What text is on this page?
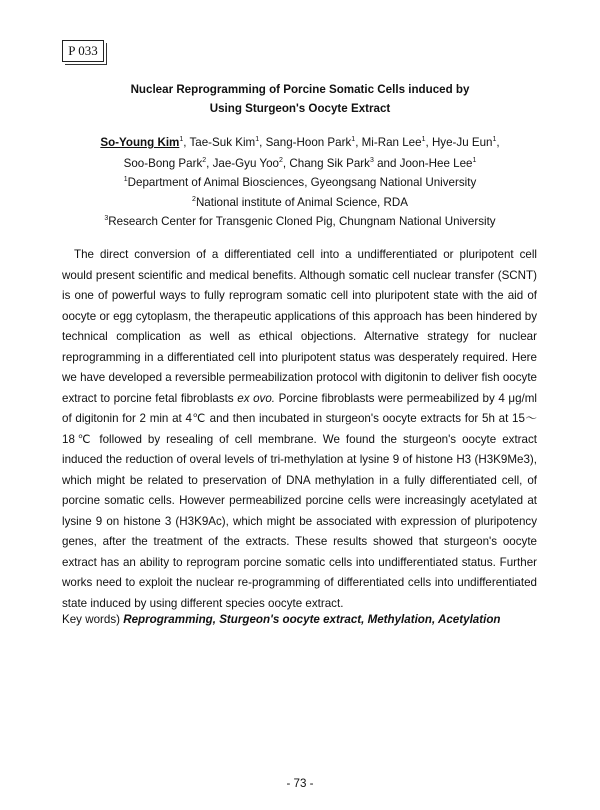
P 033
Nuclear Reprogramming of Porcine Somatic Cells induced by
Using Sturgeon's Oocyte Extract
So-Young Kim$^1$, Tae-Suk Kim$^1$, Sang-Hoon Park$^1$, Mi-Ran Lee$^1$, Hye-Ju Eun$^1$,
Soo-Bong Park$^2$, Jae-Gyu Yoo$^2$, Chang Sik Park$^3$ and Joon-Hee Lee$^1$
$^1$Department of Animal Biosciences, Gyeongsang National University
$^2$National institute of Animal Science, RDA
$^3$Research Center for Transgenic Cloned Pig, Chungnam National University
The direct conversion of a differentiated cell into a undifferentiated or pluripotent cell would present scientific and medical benefits. Although somatic cell nuclear transfer (SCNT) is one of powerful ways to fully reprogram somatic cell into pluripotent state with the aid of oocyte or egg cytoplasm, the therapeutic applications of this approach has been hindered by technical complication as well as ethical objections. Alternative strategy for nuclear reprogramming in a differentiated cell into pluripotent status was desperately required. Here we have developed a reversible permeabilization protocol with digitonin to deliver fish oocyte extract to porcine fetal fibroblasts ex ovo. Porcine fibroblasts were permeabilized by 4 μg/ml of digitonin for 2 min at 4℃ and then incubated in sturgeon's oocyte extracts for 5h at 15～18℃ followed by resealing of cell membrane. We found the sturgeon's oocyte extract induced the reduction of overal levels of tri-methylation at lysine 9 of histone H3 (H3K9Me3), which might be related to preservation of DNA methylation in a fully differentiated cell, of porcine somatic cells. However permeabilized porcine cells were increasingly acetylated at lysine 9 on histone 3 (H3K9Ac), which might be associated with expression of pluripotency genes, after the treatment of the extracts. These results showed that sturgeon's oocyte extract has an ability to reprogram porcine somatic cells into undifferentiated status. Further works need to exploit the nuclear re-programming of differentiated cells into undifferentiated state induced by using different species oocyte extract.
Key words) Reprogramming, Sturgeon's oocyte extract, Methylation, Acetylation
- 73 -
